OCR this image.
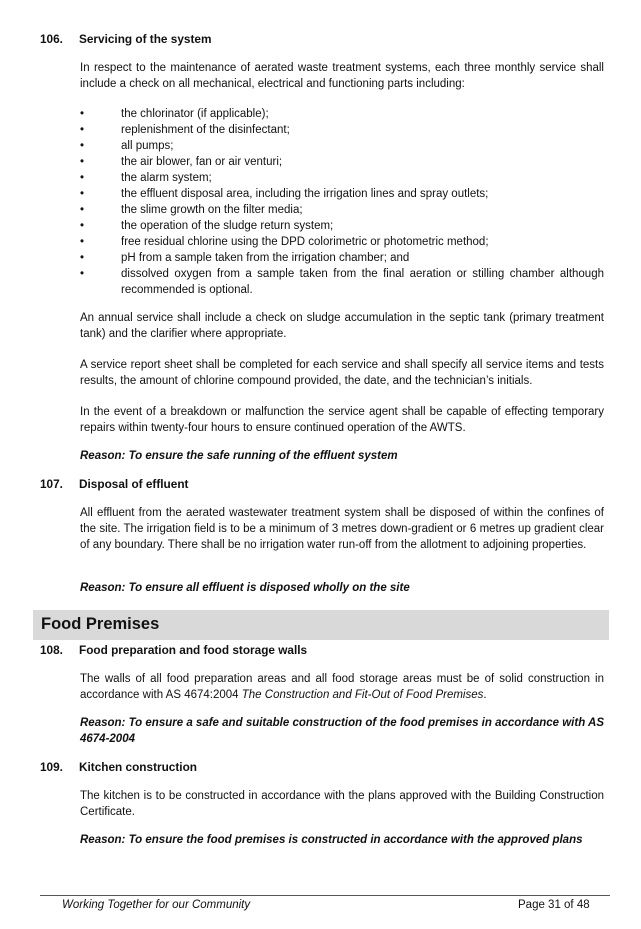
106. Servicing of the system

In respect to the maintenance of aerated waste treatment systems, each three monthly service shall include a check on all mechanical, electrical and functioning parts including:

•	the chlorinator (if applicable);
•	replenishment of the disinfectant;
•	all pumps;
•	the air blower, fan or air venturi;
•	the alarm system;
•	the effluent disposal area, including the irrigation lines and spray outlets;
•	the slime growth on the filter media;
•	the operation of the sludge return system;
•	free residual chlorine using the DPD colorimetric or photometric method;
•	pH from a sample taken from the irrigation chamber; and
•	dissolved oxygen from a sample taken from the final aeration or stilling chamber although recommended is optional.

An annual service shall include a check on sludge accumulation in the septic tank (primary treatment tank) and the clarifier where appropriate.

A service report sheet shall be completed for each service and shall specify all service items and tests results, the amount of chlorine compound provided, the date, and the technician’s initials.

In the event of a breakdown or malfunction the service agent shall be capable of effecting temporary repairs within twenty-four hours to ensure continued operation of the AWTS.

Reason: To ensure the safe running of the effluent system

107. Disposal of effluent

All effluent from the aerated wastewater treatment system shall be disposed of within the confines of the site. The irrigation field is to be a minimum of 3 metres down-gradient or 6 metres up gradient clear of any boundary. There shall be no irrigation water run-off from the allotment to adjoining properties.

Reason: To ensure all effluent is disposed wholly on the site

Food Premises
108. Food preparation and food storage walls

The walls of all food preparation areas and all food storage areas must be of solid construction in accordance with AS 4674:2004 The Construction and Fit-Out of Food Premises.

Reason: To ensure a safe and suitable construction of the food premises in accordance with AS 4674-2004

109. Kitchen construction

The kitchen is to be constructed in accordance with the plans approved with the Building Construction Certificate.

Reason: To ensure the food premises is constructed in accordance with the approved plans

Working Together for our Community	Page 31 of 48
